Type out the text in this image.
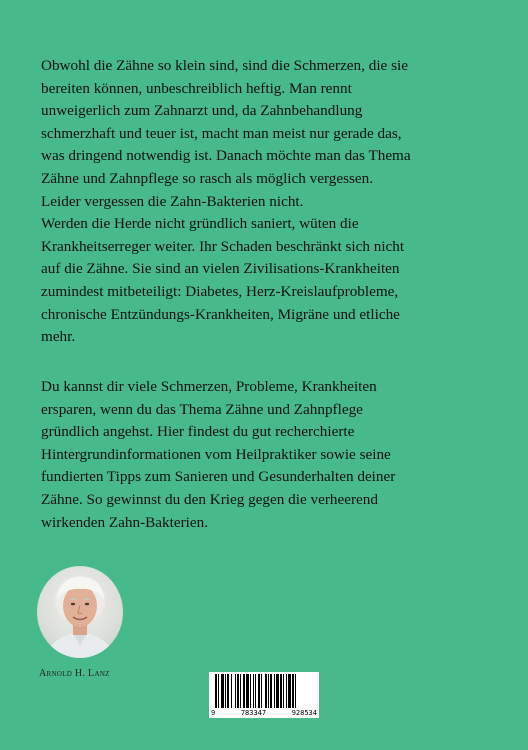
Obwohl die Zähne so klein sind, sind die Schmerzen, die sie

bereiten können, unbeschreiblich heftig. Man rennt

unweigerlich zum Zahnarzt und, da Zahnbehandlung

schmerzhaft und teuer ist, macht man meist nur gerade das,

was dringend notwendig ist. Danach möchte man das Thema

Zähne und Zahnpflege so rasch als möglich vergessen.

Leider vergessen die Zahn-Bakterien nicht.

Werden die Herde nicht gründlich saniert, wüten die

Krankheitserreger weiter. Ihr Schaden beschränkt sich nicht

auf die Zähne. Sie sind an vielen Zivilisations-Krankheiten

zumindest mitbeteiligt: Diabetes, Herz-Kreislaufprobleme,

chronische Entzündungs-Krankheiten, Migräne und etliche

mehr.

Du kannst dir viele Schmerzen, Probleme, Krankheiten

ersparen, wenn du das Thema Zähne und Zahnpflege

gründlich angehst. Hier findest du gut recherchierte

Hintergrundinformationen vom Heilpraktiker sowie seine

fundierten Tipps zum Sanieren und Gesunderhalten deiner

Zähne. So gewinnst du den Krieg gegen die verheerend

wirkenden Zahn-Bakterien.

Arnold H. Lanz
9	783347	928534
